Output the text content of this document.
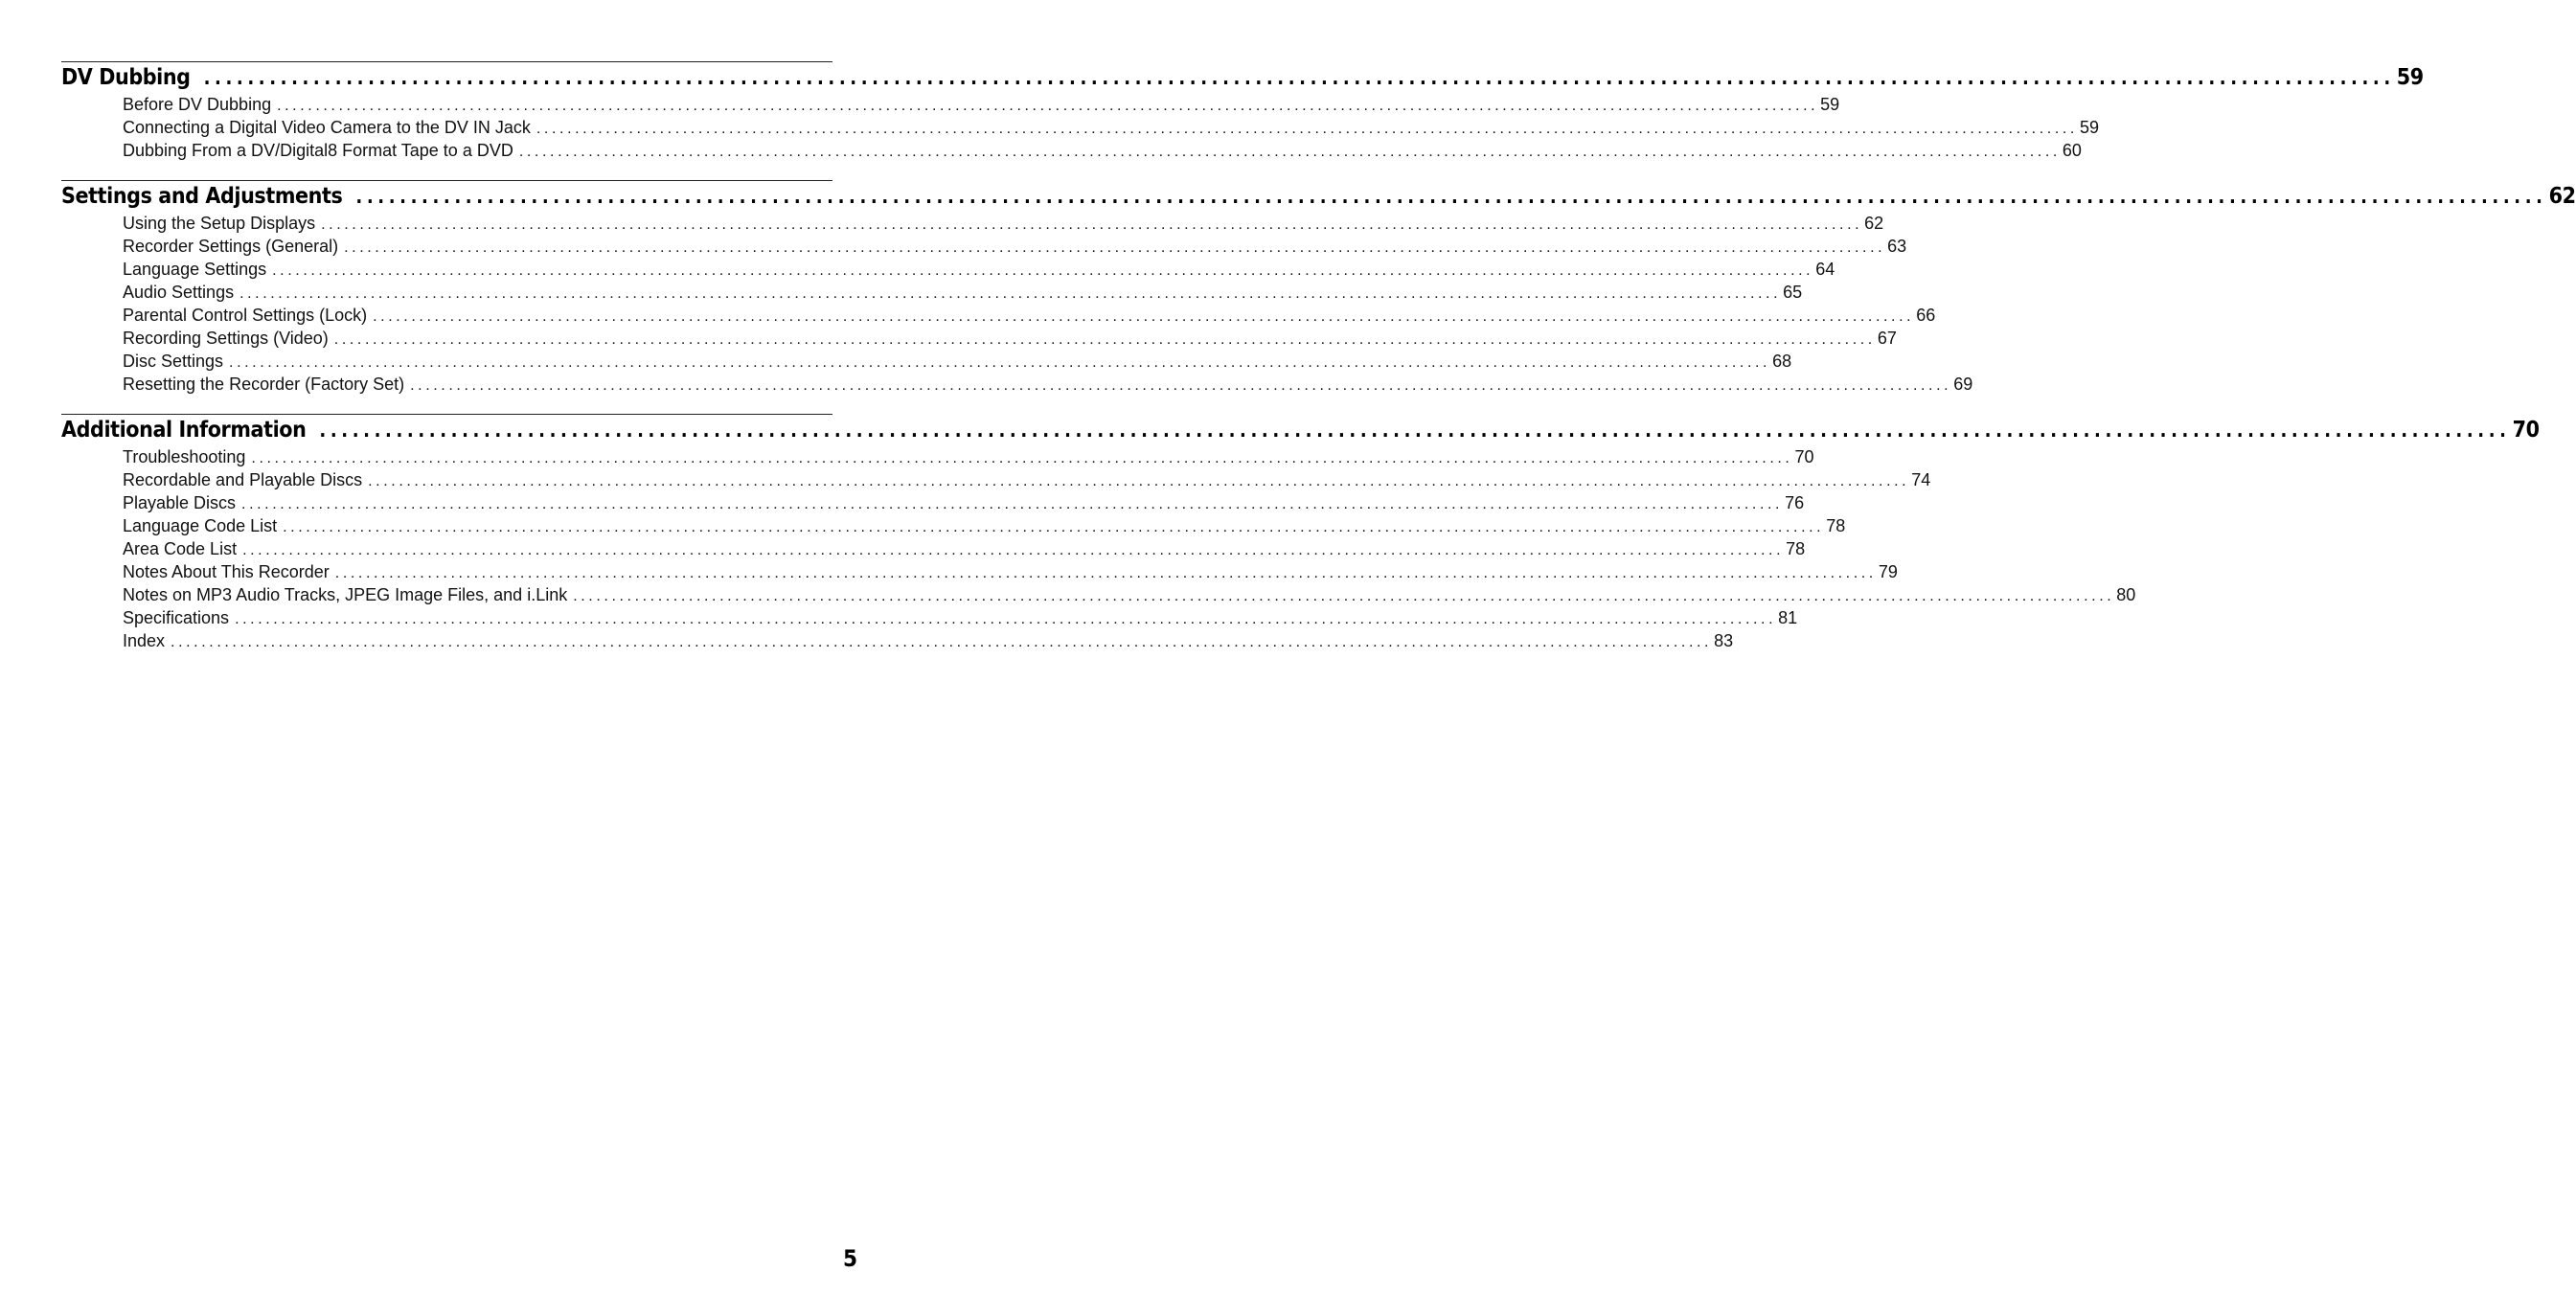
DV Dubbing ........................................................................................................................................................................................................ 59
Before DV Dubbing ........................................................................................................................................................................................................ 59
Connecting a Digital Video Camera to the DV IN Jack ........................................................................................................................................................................................................ 59
Dubbing From a DV/Digital8 Format Tape to a DVD ........................................................................................................................................................................................................ 60
Settings and Adjustments ........................................................................................................................................................................................................ 62
Using the Setup Displays ........................................................................................................................................................................................................ 62
Recorder Settings (General) ........................................................................................................................................................................................................ 63
Language Settings ........................................................................................................................................................................................................ 64
Audio Settings ........................................................................................................................................................................................................ 65
Parental Control Settings (Lock) ........................................................................................................................................................................................................ 66
Recording Settings (Video) ........................................................................................................................................................................................................ 67
Disc Settings ........................................................................................................................................................................................................ 68
Resetting the Recorder (Factory Set) ........................................................................................................................................................................................................ 69
Additional Information ........................................................................................................................................................................................................ 70
Troubleshooting ........................................................................................................................................................................................................ 70
Recordable and Playable Discs ........................................................................................................................................................................................................ 74
Playable Discs ........................................................................................................................................................................................................ 76
Language Code List ........................................................................................................................................................................................................ 78
Area Code List ........................................................................................................................................................................................................ 78
Notes About This Recorder ........................................................................................................................................................................................................ 79
Notes on MP3 Audio Tracks, JPEG Image Files, and i.Link ........................................................................................................................................................................................................ 80
Specifications ........................................................................................................................................................................................................ 81
Index ........................................................................................................................................................................................................ 83
5
